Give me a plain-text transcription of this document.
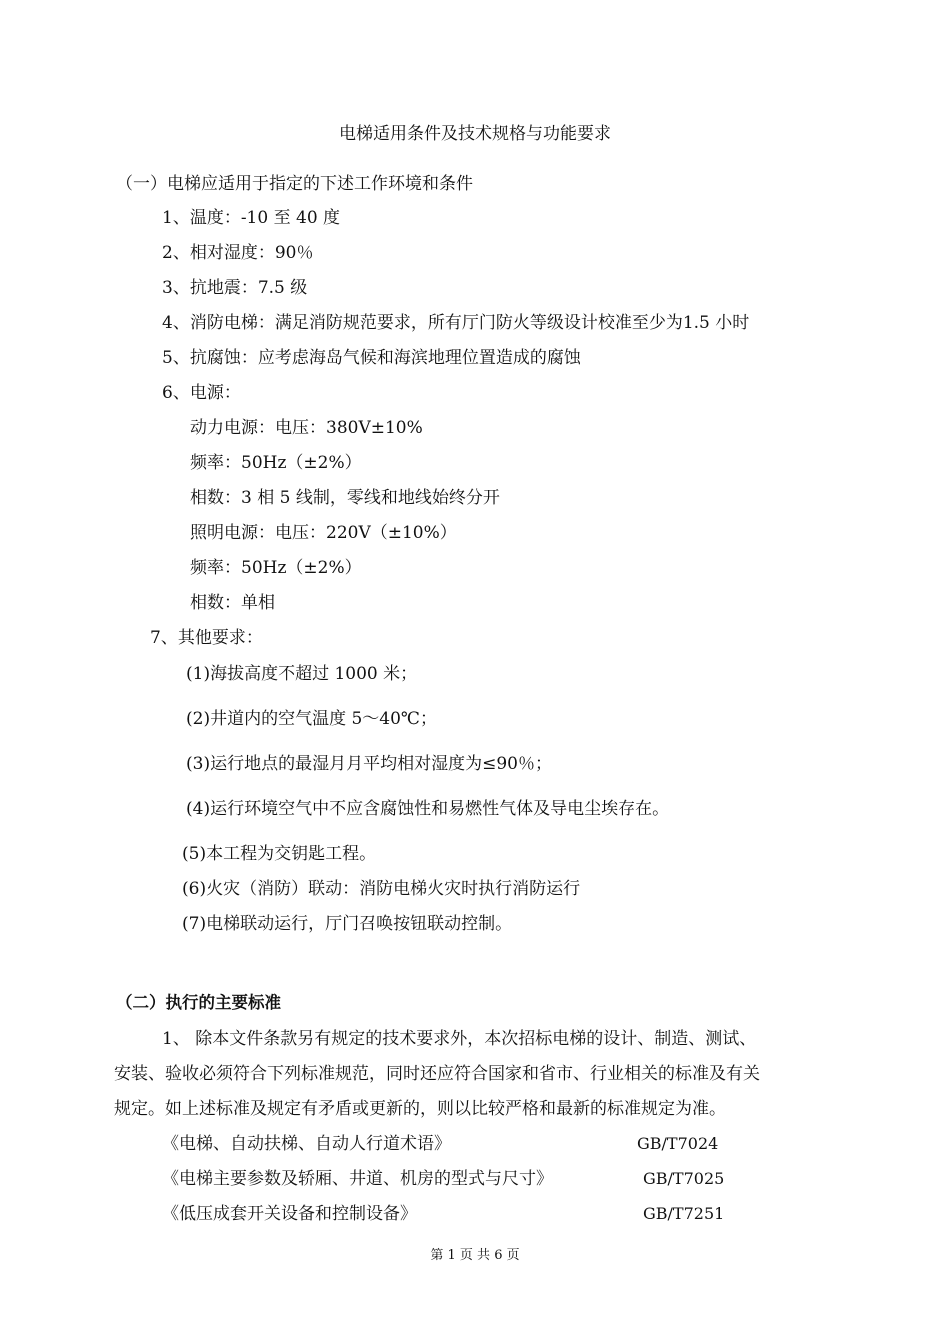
电梯适用条件及技术规格与功能要求
（一）电梯应适用于指定的下述工作环境和条件
1、温度：-10 至 40 度
2、相对湿度：90％
3、抗地震：7.5 级
4、消防电梯：满足消防规范要求，所有厅门防火等级设计校准至少为1.5 小时
5、抗腐蚀：应考虑海岛气候和海滨地理位置造成的腐蚀
6、电源：
动力电源：电压：380V±10%
频率：50Hz（±2%）
相数：3 相 5 线制，零线和地线始终分开
照明电源：电压：220V（±10%）
频率：50Hz（±2%）
相数：单相
7、其他要求：
(1)海拔高度不超过 1000 米；
(2)井道内的空气温度 5～40℃；
(3)运行地点的最湿月月平均相对湿度为≤90％；
(4)运行环境空气中不应含腐蚀性和易燃性气体及导电尘埃存在。
(5)本工程为交钥匙工程。
(6)火灾（消防）联动：消防电梯火灾时执行消防运行
(7)电梯联动运行，厅门召唤按钮联动控制。
（二）执行的主要标准
1、 除本文件条款另有规定的技术要求外，本次招标电梯的设计、制造、测试、
安装、验收必须符合下列标准规范，同时还应符合国家和省市、行业相关的标准及有关
规定。如上述标准及规定有矛盾或更新的，则以比较严格和最新的标准规定为准。
《电梯、自动扶梯、自动人行道术语》	GB/T7024
《电梯主要参数及轿厢、井道、机房的型式与尺寸》	GB/T7025
《低压成套开关设备和控制设备》	GB/T7251
第 1 页 共 6 页
